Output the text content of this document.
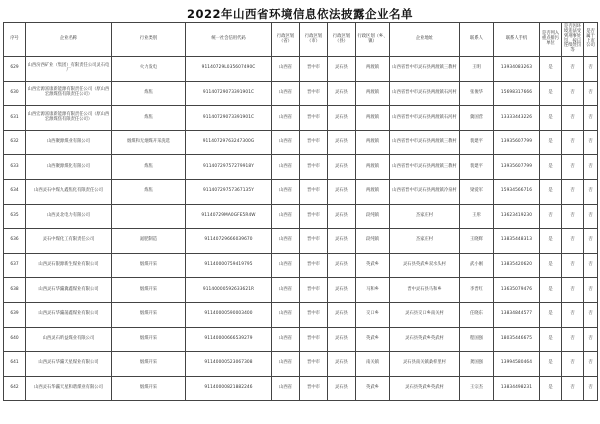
2022年山西省环境信息依法披露企业名单
序号	企业名称	行业类别	统一社会信用代码	行政区划（省）	行政区划（市）	行政区划（县）	行政区划（乡、镇）	企业地址	联系人	联系人手机	是否列入重点排污单位	是否因环境违法受到刑事处罚、按日连续处罚等	是否属于上市公司
629	山西汾西矿业（集团）有限责任公司灵石电厂	火力发电	91140729L035607490C	山西省	晋中市	灵石县	两渡镇	山西省晋中市灵石县两渡镇三教村	王明	13934083263	是	否	否
630	山西宏源富康新能源有限责任公司（原山西宏源煤焦有限责任公司）	炼焦	91140729073391901C	山西省	晋中市	灵石县	两渡镇	山西省晋中市灵石县两渡镇石河村	张俊华	15698317666	是	否	否
631	山西宏源富康新能源有限责任公司（原山西宏源煤焦有限责任公司）	炼焦	91140729073391901C	山西省	晋中市	灵石县	两渡镇	山西省晋中市灵石县两渡镇石河村	冀国营	13333443226	是	否	否
632	山西聚源煤业有限公司	烟煤和无烟煤开采洗选	91140729763247300G	山西省	晋中市	灵石县	两渡镇	山西省晋中市灵石县两渡镇三教村	裴建平	13935607799	是	否	否
633	山西聚源煤化有限公司	炼焦	91140729757279918Y	山西省	晋中市	灵石县	两渡镇	山西省晋中市灵石县两渡镇三教村	裴建平	13935607799	是	否	否
634	山西灵石中煤九鑫焦化有限责任公司	炼焦	91140729757367135Y	山西省	晋中市	灵石县	两渡镇	山西省晋中市灵石县两渡镇冷泉村	梁爱军	15934566716	是	否	否
635	山西灵北电力有限公司		91140729MA0GFE5R4W	山西省	晋中市	灵石县	段纯镇	杰家庄村	王彤	13623419230	否	否	否
636	灵石中煤化工有限责任公司	氮肥制造	91140729666039670	山西省	晋中市	灵石县	段纯镇	杰家庄村	王晓辉	13835448313	是	否	否
637	山西灵石银源新生煤业有限公司	烟煤开采	91140000759419795	山西省	晋中市	灵石县	英武乡	灵石县英武乡双水头村	武小刚	13835420620	是	否	否
638	山西灵石华瀛冀鑫煤业有限公司	烟煤开采	91140000592633621R	山西省	晋中市	灵石县	马和乡	晋中灵石县马和乡	李晋红	13635079476	是	否	否
639	山西灵石华瀛荡鑫煤业有限公司	烟煤开采	91140000590003400	山西省	晋中市	灵石县	交口乡	灵石县交口乡南关村	任晓东	13834844577	是	否	否
640	山西灵石昕益煤业有限公司	烟煤开采	91140000666539279	山西省	晋中市	灵石县	英武乡	灵石县英武乡英武村	程国强	18035446675	是	否	否
641	山西灵石华瀛天星煤业有限公司	烟煤开采	91140000523067308	山西省	晋中市	灵石县	南关镇	灵石县南关镇桑梓里村	龚国强	13994580464	是	否	否
642	山西灵石华瀛天星和谐煤业有限公司	烟煤开采	91140000821882246	山西省	晋中市	灵石县	英武乡	灵石县英武乡英武村	王宗杰	13834498231	是	否	否
